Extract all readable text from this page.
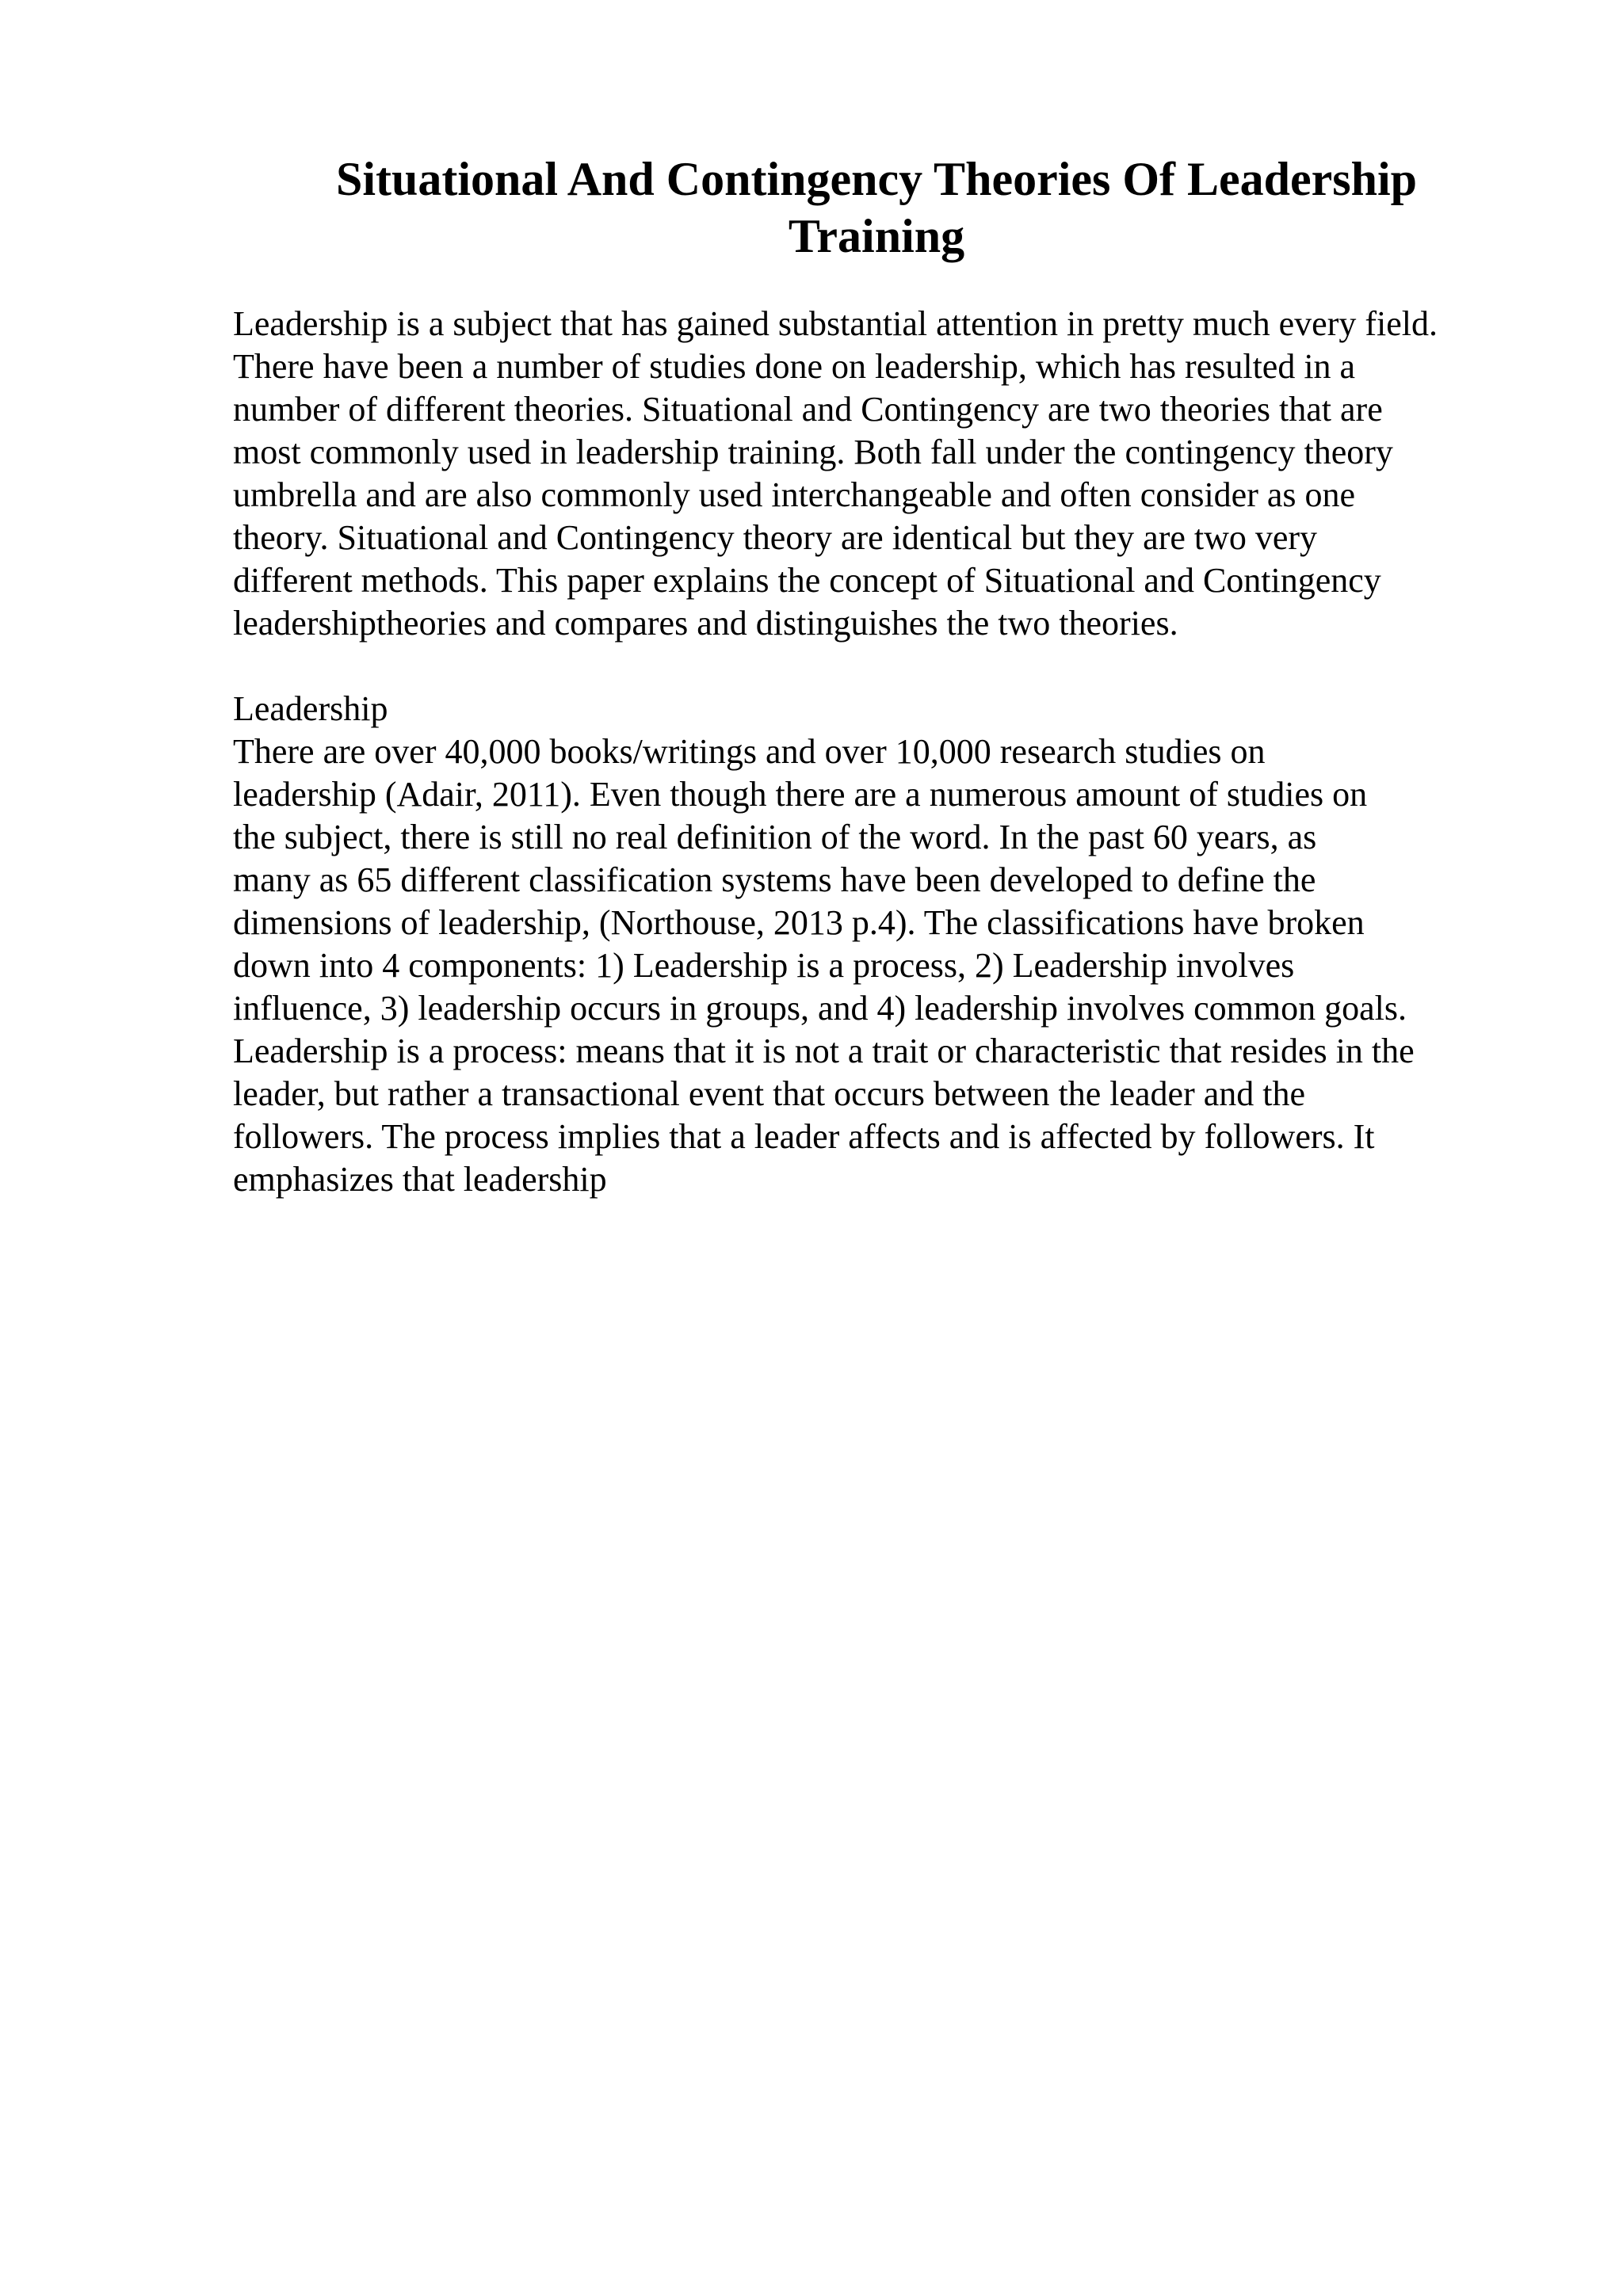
Situational And Contingency Theories Of Leadership
Training

Leadership is a subject that has gained substantial attention in pretty much every field.
There have been a number of studies done on leadership, which has resulted in a
number of different theories. Situational and Contingency are two theories that are
most commonly used in leadership training. Both fall under the contingency theory
umbrella and are also commonly used interchangeable and often consider as one
theory. Situational and Contingency theory are identical but they are two very
different methods. This paper explains the concept of Situational and Contingency
leadershiptheories and compares and distinguishes the two theories.

Leadership
There are over 40,000 books/writings and over 10,000 research studies on
leadership (Adair, 2011). Even though there are a numerous amount of studies on
the subject, there is still no real definition of the word. In the past 60 years, as
many as 65 different classification systems have been developed to define the
dimensions of leadership, (Northouse, 2013 p.4). The classifications have broken
down into 4 components: 1) Leadership is a process, 2) Leadership involves
influence, 3) leadership occurs in groups, and 4) leadership involves common goals.
Leadership is a process: means that it is not a trait or characteristic that resides in the
leader, but rather a transactional event that occurs between the leader and the
followers. The process implies that a leader affects and is affected by followers. It
emphasizes that leadership
